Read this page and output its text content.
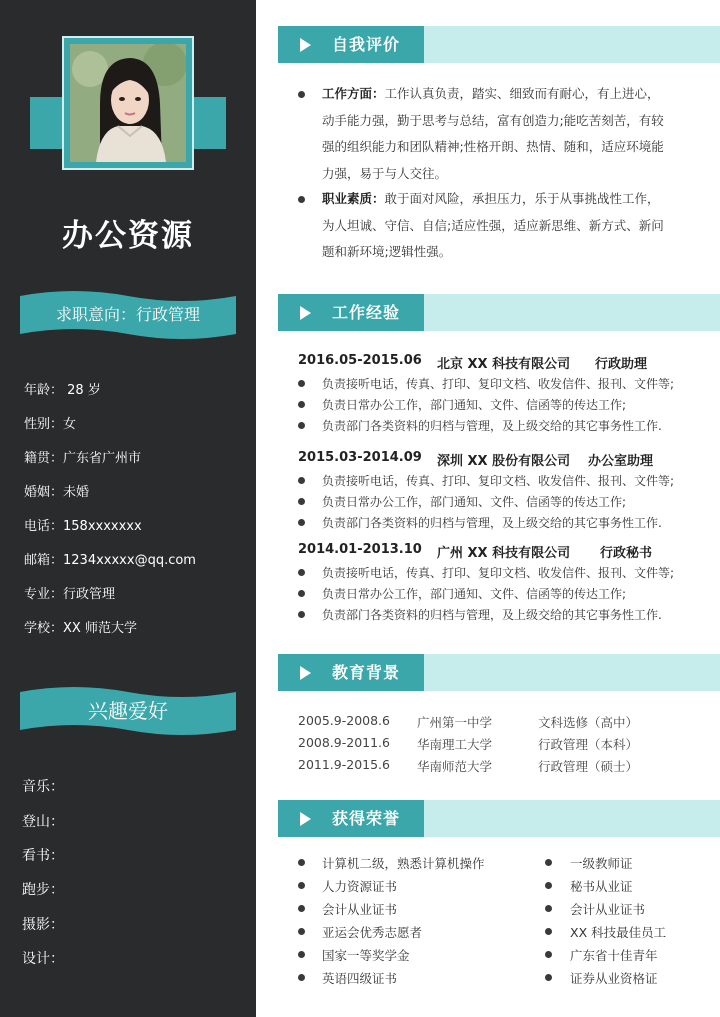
办公资源
求职意向：行政管理
年龄： 28 岁
性别：女
籍贯：广东省广州市
婚姻：未婚
电话：158xxxxxxx
邮箱：1234xxxxx@qq.com
专业：行政管理
学校：XX 师范大学
兴趣爱好
音乐：
登山：
看书：
跑步：
摄影：
设计：
自我评价
工作方面：工作认真负责，踏实、细致而有耐心，有上进心，动手能力强，勤于思考与总结，富有创造力;能吃苦刻苦，有较强的组织能力和团队精神;性格开朗、热情、随和，适应环境能力强，易于与人交往。
职业素质：敢于面对风险，承担压力，乐于从事挑战性工作，为人坦诚、守信、自信;适应性强，适应新思维、新方式、新问题和新环境;逻辑性强。
工作经验
2016.05-2015.06 北京 XX 科技有限公司 行政助理
负责接听电话，传真、打印、复印文档、收发信件、报刊、文件等;
负责日常办公工作，部门通知、文件、信函等的传达工作;
负责部门各类资料的归档与管理，及上级交给的其它事务性工作.
2015.03-2014.09 深圳 XX 股份有限公司 办公室助理
负责接听电话，传真、打印、复印文档、收发信件、报刊、文件等;
负责日常办公工作，部门通知、文件、信函等的传达工作;
负责部门各类资料的归档与管理，及上级交给的其它事务性工作.
2014.01-2013.10 广州 XX 科技有限公司 行政秘书
负责接听电话，传真、打印、复印文档、收发信件、报刊、文件等;
负责日常办公工作，部门通知、文件、信函等的传达工作;
负责部门各类资料的归档与管理，及上级交给的其它事务性工作.
教育背景
2005.9-2008.6 广州第一中学	文科选修（高中）
2008.9-2011.6 华南理工大学	行政管理（本科）
2011.9-2015.6 华南师范大学	行政管理（硕士）
获得荣誉
计算机二级，熟悉计算机操作
人力资源证书
会计从业证书
亚运会优秀志愿者
国家一等奖学金
英语四级证书
一级教师证
秘书从业证
会计从业证书
XX 科技最佳员工
广东省十佳青年
证券从业资格证
